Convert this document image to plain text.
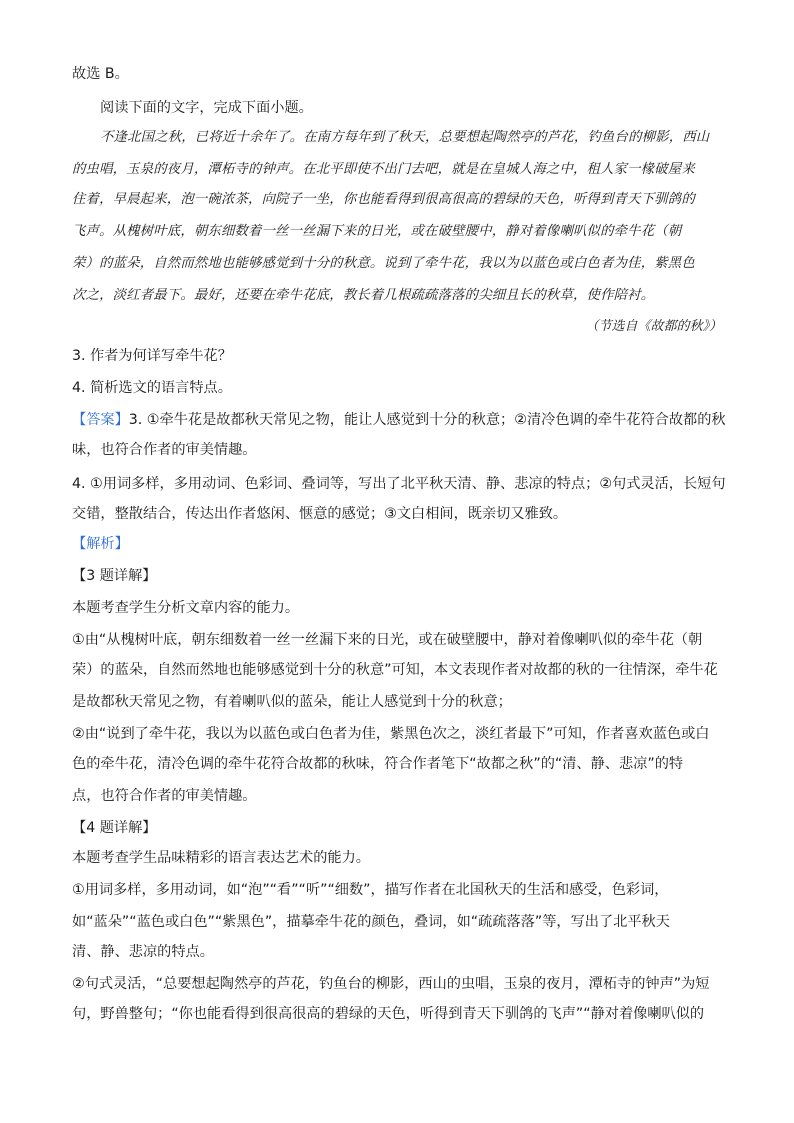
故选 B。
阅读下面的文字，完成下面小题。
不逢北国之秋，已将近十余年了。在南方每年到了秋天，总要想起陶然亭的芦花，钓鱼台的柳影，西山
的虫唱，玉泉的夜月，潭柘寺的钟声。在北平即使不出门去吧，就是在皇城人海之中，租人家一椽破屋来
住着，早晨起来，泡一碗浓茶，向院子一坐，你也能看得到很高很高的碧绿的天色，听得到青天下驯鸽的
飞声。从槐树叶底，朝东细数着一丝一丝漏下来的日光，或在破壁腰中，静对着像喇叭似的牵牛花（朝
荣）的蓝朵，自然而然地也能够感觉到十分的秋意。说到了牵牛花，我以为以蓝色或白色者为佳，紫黑色
次之，淡红者最下。最好，还要在牵牛花底，教长着几根疏疏落落的尖细且长的秋草，使作陪衬。
（节选自《故都的秋》）
3. 作者为何详写牵牛花？
4. 简析选文的语言特点。
【答案】3. ①牵牛花是故都秋天常见之物，能让人感觉到十分的秋意；②清冷色调的牵牛花符合故都的秋
味，也符合作者的审美情趣。
4. ①用词多样，多用动词、色彩词、叠词等，写出了北平秋天清、静、悲凉的特点；②句式灵活，长短句
交错，整散结合，传达出作者悠闲、惬意的感觉；③文白相间，既亲切又雅致。
【解析】
【3 题详解】
本题考查学生分析文章内容的能力。
①由“从槐树叶底，朝东细数着一丝一丝漏下来的日光，或在破壁腰中，静对着像喇叭似的牵牛花（朝
荣）的蓝朵，自然而然地也能够感觉到十分的秋意”可知，本文表现作者对故都的秋的一往情深，牵牛花
是故都秋天常见之物，有着喇叭似的蓝朵，能让人感觉到十分的秋意；
②由“说到了牵牛花，我以为以蓝色或白色者为佳，紫黑色次之，淡红者最下”可知，作者喜欢蓝色或白
色的牵牛花，清冷色调的牵牛花符合故都的秋味，符合作者笔下“故都之秋”的“清、静、悲凉”的特
点，也符合作者的审美情趣。
【4 题详解】
本题考查学生品味精彩的语言表达艺术的能力。
①用词多样，多用动词，如“泡”“看”“听”“细数”，描写作者在北国秋天的生活和感受，色彩词，
如“蓝朵”“蓝色或白色”“紫黑色”，描摹牵牛花的颜色，叠词，如“疏疏落落”等，写出了北平秋天
清、静、悲凉的特点。
②句式灵活，“总要想起陶然亭的芦花，钓鱼台的柳影，西山的虫唱，玉泉的夜月，潭柘寺的钟声”为短
句，野兽整句；“你也能看得到很高很高的碧绿的天色，听得到青天下驯鸽的飞声”“静对着像喇叭似的
